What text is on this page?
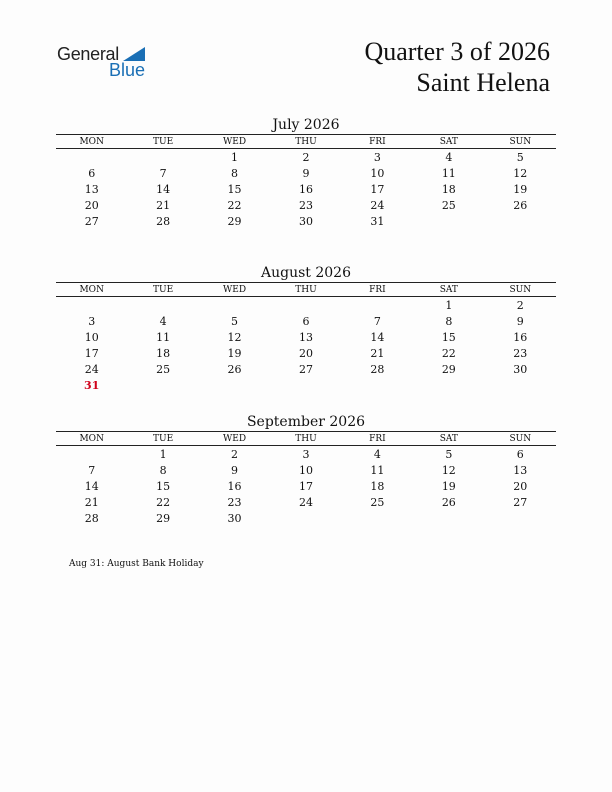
General
Blue
Quarter 3 of 2026
Saint Helena
July 2026
MON	TUE	WED	THU	FRI	SAT	SUN
		1	2	3	4	5
6	7	8	9	10	11	12
13	14	15	16	17	18	19
20	21	22	23	24	25	26
27	28	29	30	31		
August 2026
MON	TUE	WED	THU	FRI	SAT	SUN
					1	2
3	4	5	6	7	8	9
10	11	12	13	14	15	16
17	18	19	20	21	22	23
24	25	26	27	28	29	30
31						
September 2026
MON	TUE	WED	THU	FRI	SAT	SUN
	1	2	3	4	5	6
7	8	9	10	11	12	13
14	15	16	17	18	19	20
21	22	23	24	25	26	27
28	29	30				
Aug 31: August Bank Holiday
